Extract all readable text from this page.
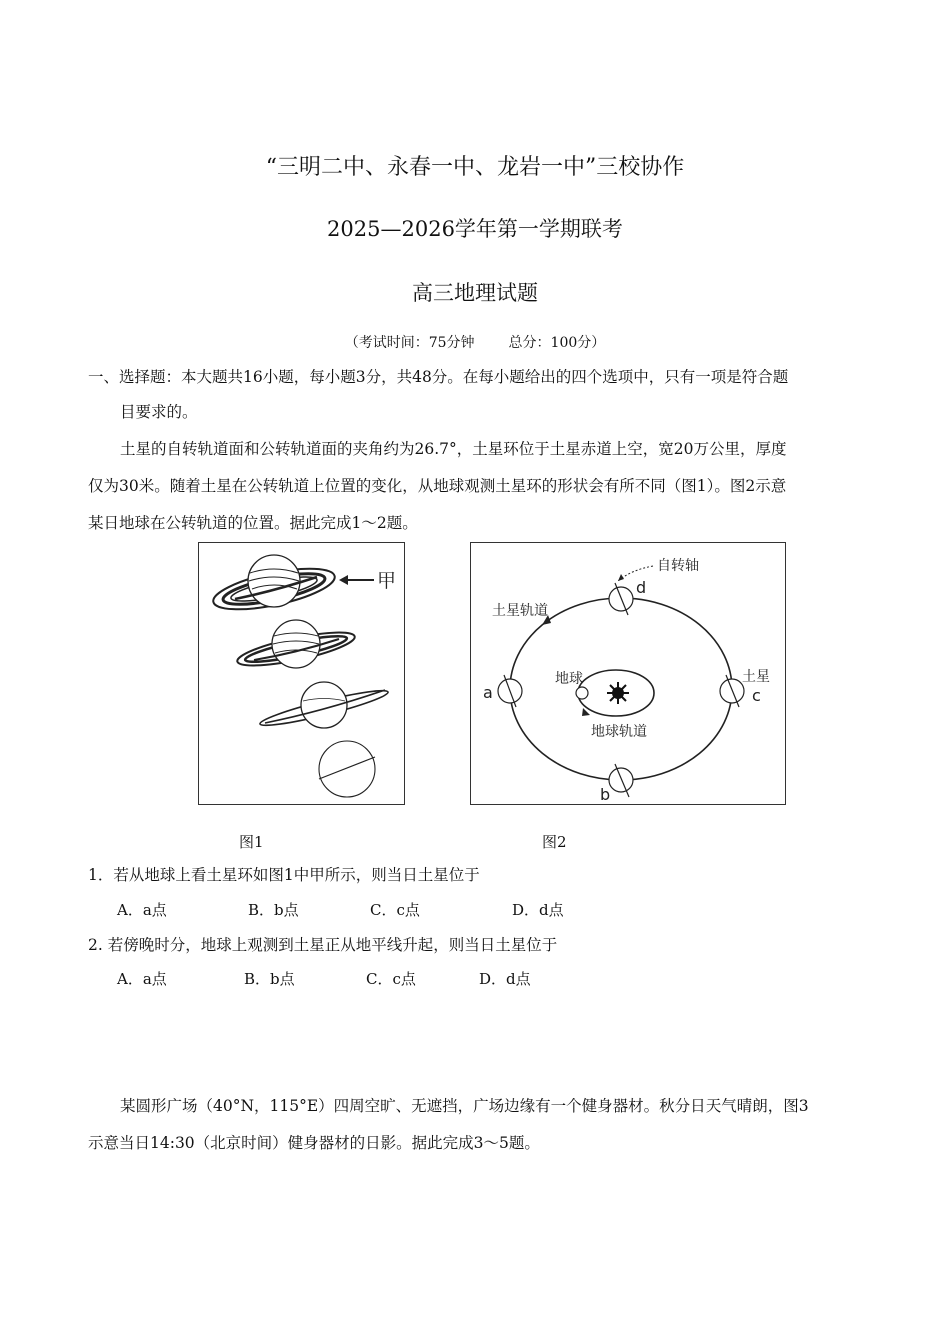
“三明二中、永春一中、龙岩一中”三校协作
2025—2026学年第一学期联考
高三地理试题
（考试时间：75分钟 总分：100分）
一、选择题：本大题共16小题，每小题3分，共48分。在每小题给出的四个选项中，只有一项是符合题
目要求的。
土星的自转轨道面和公转轨道面的夹角约为26.7°，土星环位于土星赤道上空，宽20万公里，厚度
仅为30米。随着土星在公转轨道上位置的变化，从地球观测土星环的形状会有所不同（图1）。图2示意
某日地球在公转轨道的位置。据此完成1～2题。
甲
图1
自转轴
d
土星轨道
地球
地球轨道
a
土星
c
b
图2
1．若从地球上看土星环如图1中甲所示，则当日土星位于
A．a点	B．b点	C．c点	D．d点
2. 若傍晚时分，地球上观测到土星正从地平线升起，则当日土星位于
A．a点	B．b点	C．c点	D．d点
某圆形广场（40°N，115°E）四周空旷、无遮挡，广场边缘有一个健身器材。秋分日天气晴朗，图3
示意当日14:30（北京时间）健身器材的日影。据此完成3～5题。
